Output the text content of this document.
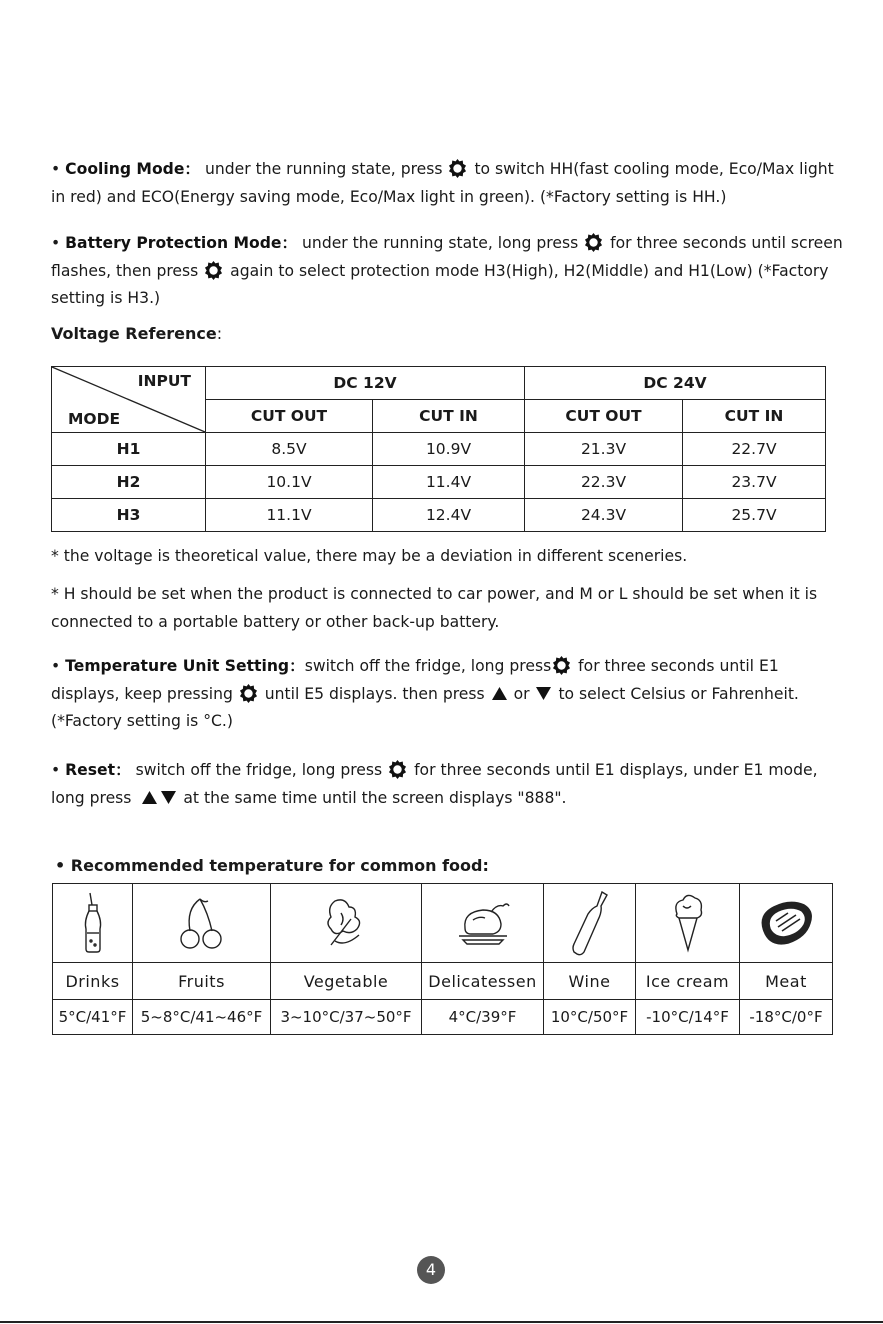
• Cooling Mode： under the running state, press  to switch HH(fast cooling mode, Eco/Max light in red) and ECO(Energy saving mode, Eco/Max light in green). (*Factory setting is HH.)
• Battery Protection Mode： under the running state, long press  for three seconds until screen flashes, then press  again to select protection mode H3(High), H2(Middle) and H1(Low) (*Factory setting is H3.)
Voltage Reference:
INPUT
MODE	DC 12V		DC 24V	
	CUT OUT	CUT IN	CUT OUT	CUT IN
H1	8.5V	10.9V	21.3V	22.7V
H2	10.1V	11.4V	22.3V	23.7V
H3	11.1V	12.4V	24.3V	25.7V
* the voltage is theoretical value, there may be a deviation in different sceneries.
* H should be set when the product is connected to car power, and M or L should be set when it is connected to a portable battery or other back-up battery.
• Temperature Unit Setting：switch off the fridge, long press for three seconds until E1 displays, keep pressing  until E5 displays. then press  or  to select Celsius or Fahrenheit.(*Factory setting is °C.)
• Reset： switch off the fridge, long press  for three seconds until E1 displays, under E1 mode, long press	at the same time until the screen displays "888".
• Recommended temperature for common food:

Drinks	Fruits	Vegetable	Delicatessen	Wine	Ice cream	Meat
5°C/41°F	5~8°C/41~46°F	3~10°C/37~50°F	4°C/39°F	10°C/50°F	-10°C/14°F	-18°C/0°F
4
